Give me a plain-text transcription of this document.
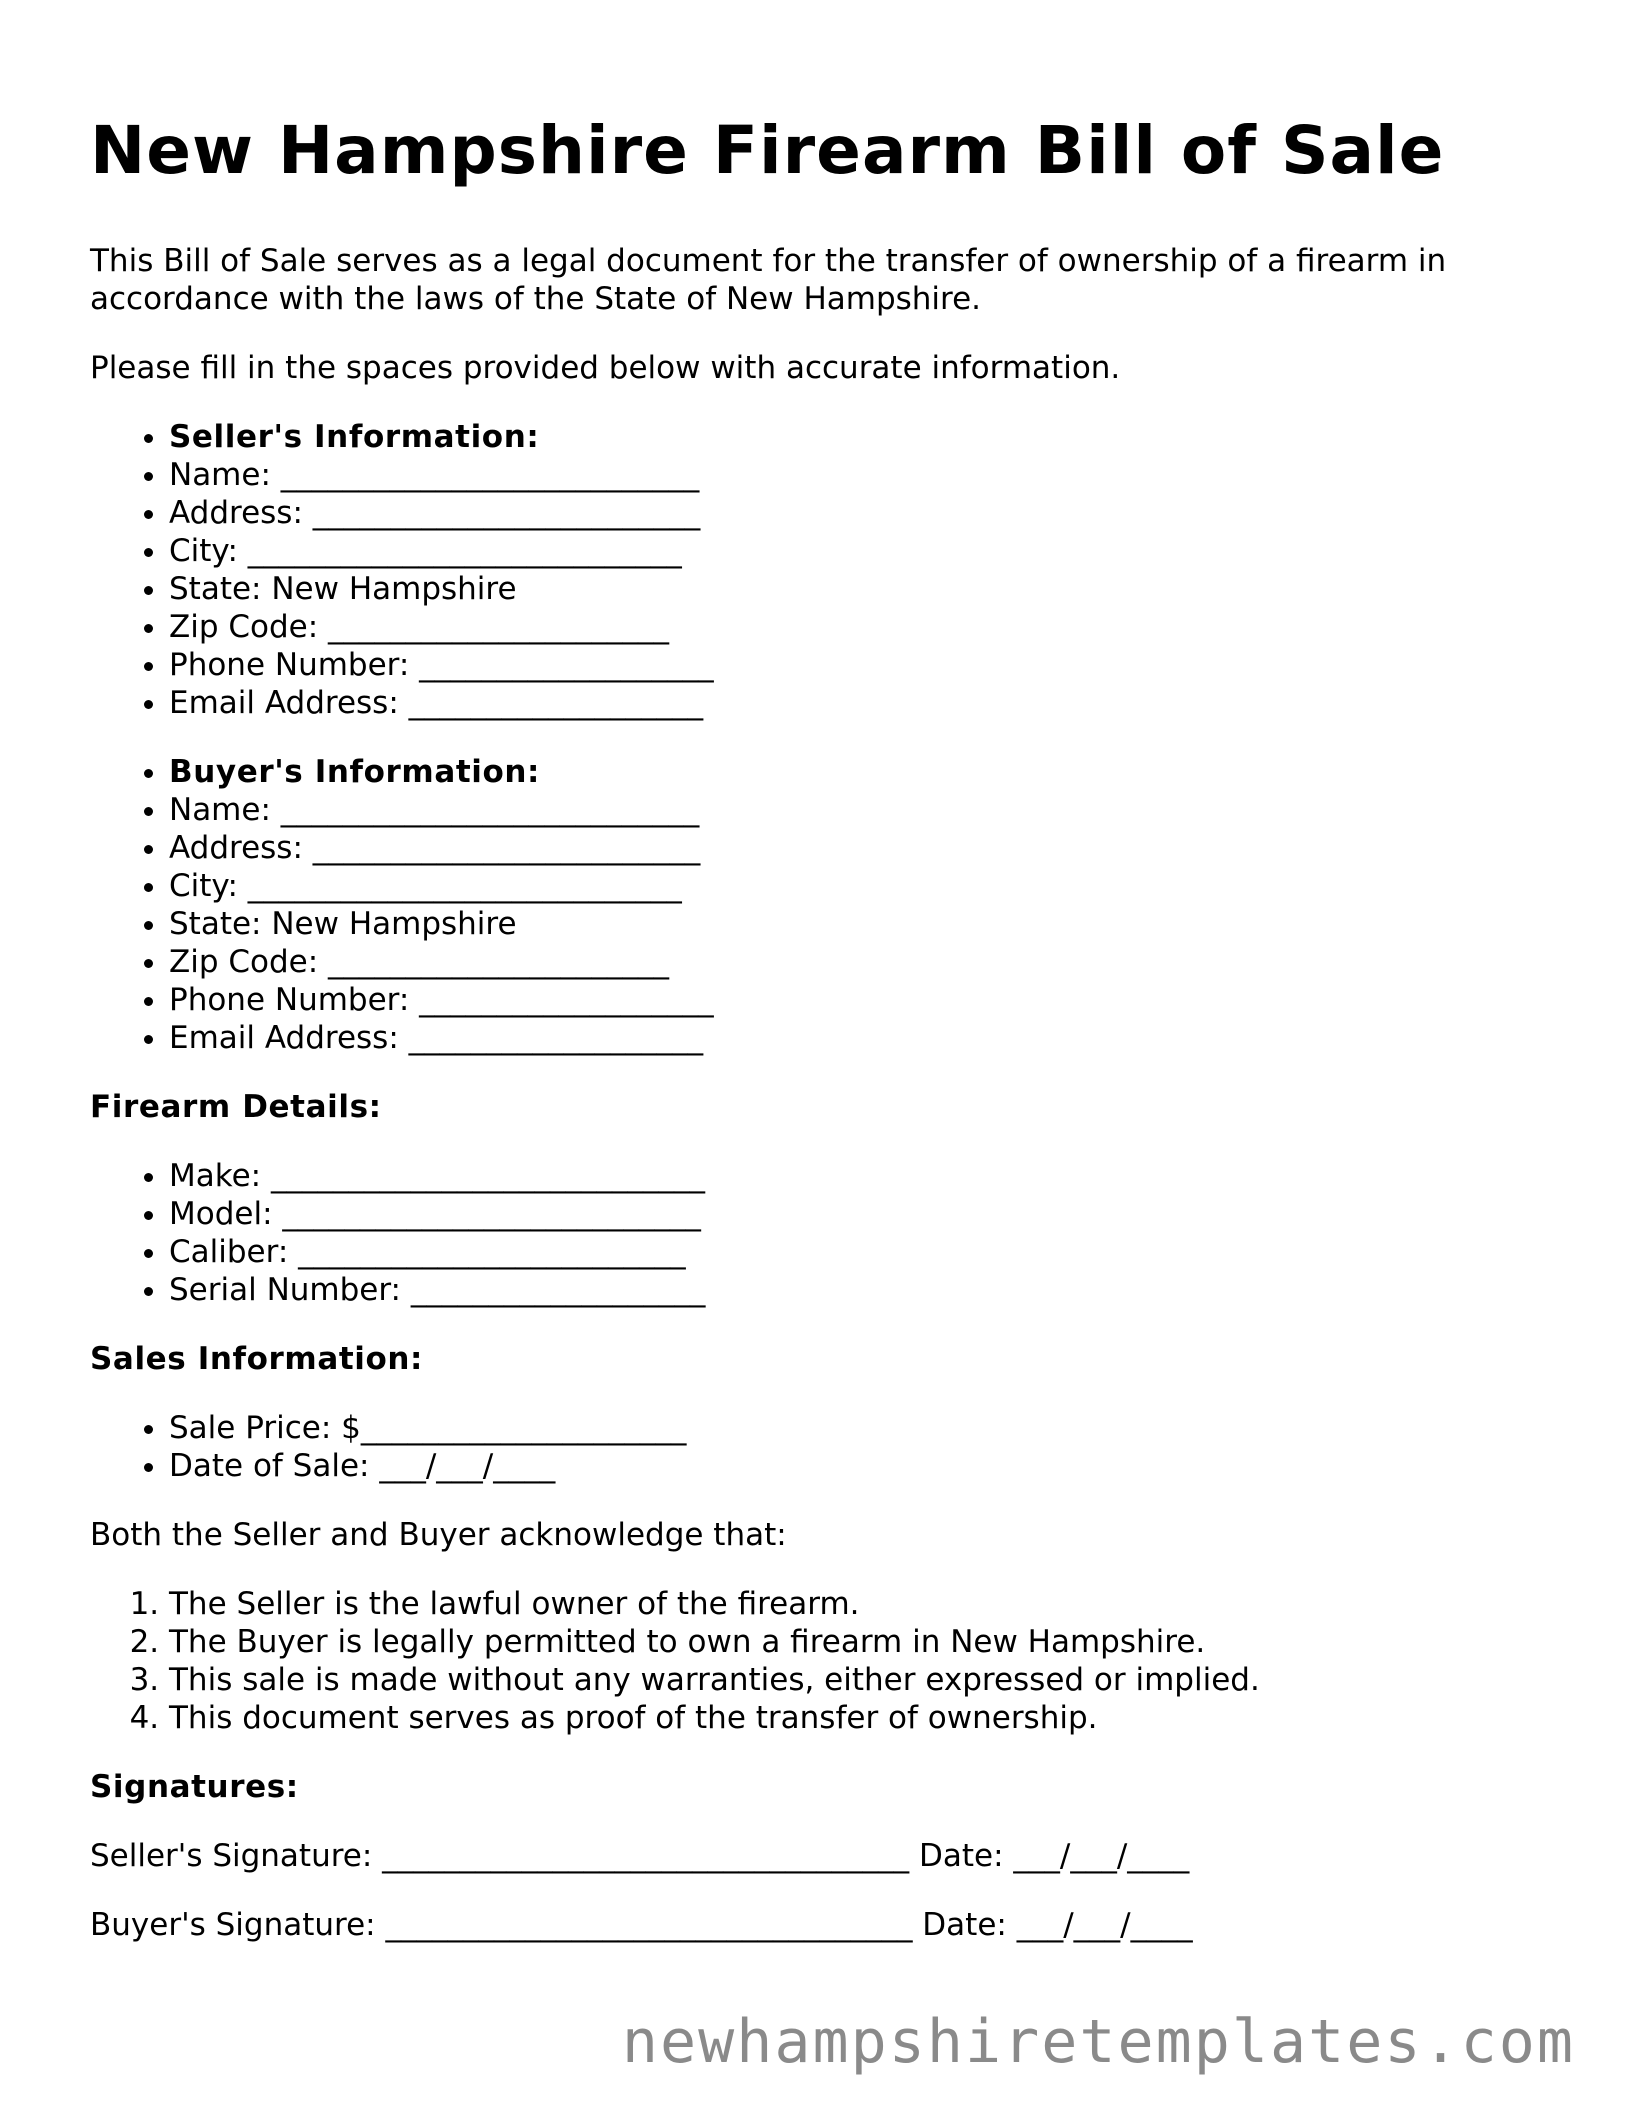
New Hampshire Firearm Bill of Sale

This Bill of Sale serves as a legal document for the transfer of ownership of a firearm in accordance with the laws of the State of New Hampshire.

Please fill in the spaces provided below with accurate information.

• Seller's Information:
• Name: ___________________________
• Address: _________________________
• City: ____________________________
• State: New Hampshire
• Zip Code: ______________________
• Phone Number: ___________________
• Email Address: ___________________
• Buyer's Information:
• Name: ___________________________
• Address: _________________________
• City: ____________________________
• State: New Hampshire
• Zip Code: ______________________
• Phone Number: ___________________
• Email Address: ___________________
Firearm Details:
• Make: ____________________________
• Model: ___________________________
• Caliber: _________________________
• Serial Number: ___________________
Sales Information:
• Sale Price: $_____________________
• Date of Sale: ___/___/____

Both the Seller and Buyer acknowledge that:

1. The Seller is the lawful owner of the firearm.
2. The Buyer is legally permitted to own a firearm in New Hampshire.
3. This sale is made without any warranties, either expressed or implied.
4. This document serves as proof of the transfer of ownership.
Signatures:

Seller's Signature: __________________________________ Date: ___/___/____

Buyer's Signature: __________________________________ Date: ___/___/____

newhampshiretemplates.com
